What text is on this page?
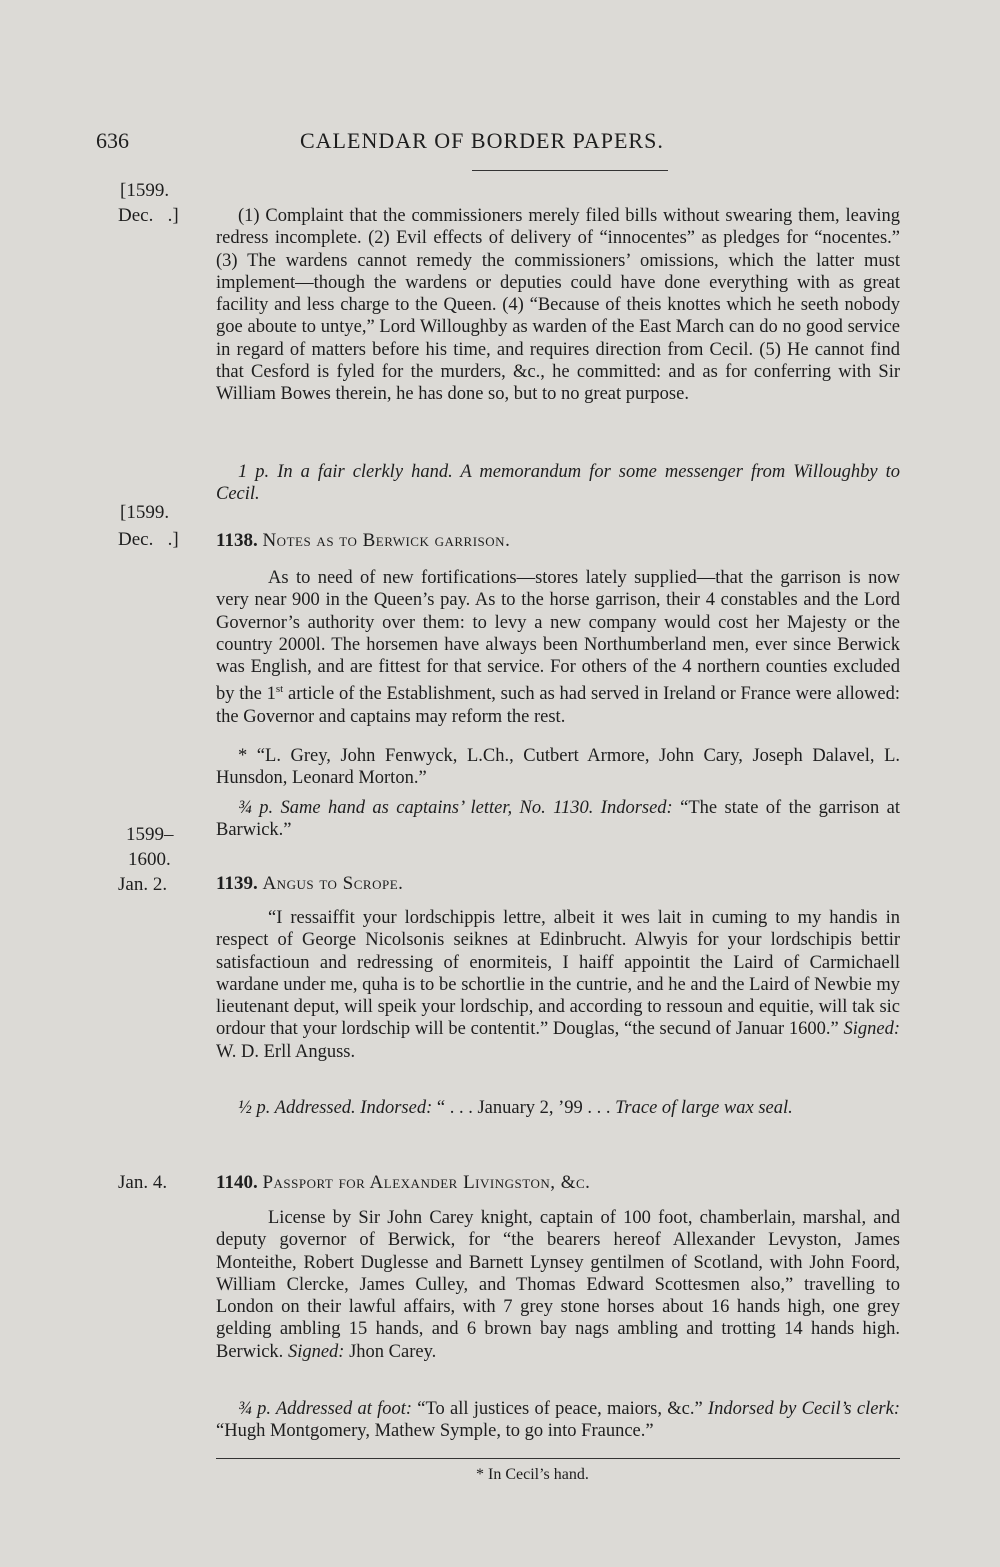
636	CALENDAR OF BORDER PAPERS.
[1599.
Dec.   .]
[1599.
Dec.   .]
1599–
1600.
Jan. 2.
Jan. 4.
(1) Complaint that the commissioners merely filed bills without swearing them, leaving redress incomplete. (2) Evil effects of delivery of “innocentes” as pledges for “nocentes.” (3) The wardens cannot remedy the commissioners’ omissions, which the latter must implement—though the wardens or deputies could have done everything with as great facility and less charge to the Queen. (4) “Because of theis knottes which he seeth nobody goe aboute to untye,” Lord Willoughby as warden of the East March can do no good service in regard of matters before his time, and requires direction from Cecil. (5) He cannot find that Cesford is fyled for the murders, &c., he committed: and as for conferring with Sir William Bowes therein, he has done so, but to no great purpose.
1 p. In a fair clerkly hand. A memorandum for some messenger from Willoughby to Cecil.
1138. Notes as to Berwick garrison.
As to need of new fortifications—stores lately supplied—that the garrison is now very near 900 in the Queen’s pay. As to the horse garrison, their 4 constables and the Lord Governor’s authority over them: to levy a new company would cost her Majesty or the country 2000l. The horsemen have always been Northumberland men, ever since Berwick was English, and are fittest for that service. For others of the 4 northern counties excluded by the 1st article of the Establishment, such as had served in Ireland or France were allowed: the Governor and captains may reform the rest.
* “L. Grey, John Fenwyck, L.Ch., Cutbert Armore, John Cary, Joseph Dalavel, L. Hunsdon, Leonard Morton.”
¾ p. Same hand as captains’ letter, No. 1130. Indorsed: “The state of the garrison at Barwick.”
1139. Angus to Scrope.
“I ressaiffit your lordschippis lettre, albeit it wes lait in cuming to my handis in respect of George Nicolsonis seiknes at Edinbrucht. Alwyis for your lordschipis bettir satisfactioun and redressing of enormiteis, I haiff appointit the Laird of Carmichaell wardane under me, quha is to be schortlie in the cuntrie, and he and the Laird of Newbie my lieutenant deput, will speik your lordschip, and according to ressoun and equitie, will tak sic ordour that your lordschip will be contentit.” Douglas, “the secund of Januar 1600.” Signed: W. D. Erll Anguss.
½ p. Addressed. Indorsed: “ . . . January 2, ’99 . . . Trace of large wax seal.
1140. Passport for Alexander Livingston, &c.
License by Sir John Carey knight, captain of 100 foot, chamberlain, marshal, and deputy governor of Berwick, for “the bearers hereof Allexander Levyston, James Monteithe, Robert Duglesse and Barnett Lynsey gentilmen of Scotland, with John Foord, William Clercke, James Culley, and Thomas Edward Scottesmen also,” travelling to London on their lawful affairs, with 7 grey stone horses about 16 hands high, one grey gelding ambling 15 hands, and 6 brown bay nags ambling and trotting 14 hands high. Berwick. Signed: Jhon Carey.
¾ p. Addressed at foot: “To all justices of peace, maiors, &c.” Indorsed by Cecil’s clerk: “Hugh Montgomery, Mathew Symple, to go into Fraunce.”
* In Cecil’s hand.
